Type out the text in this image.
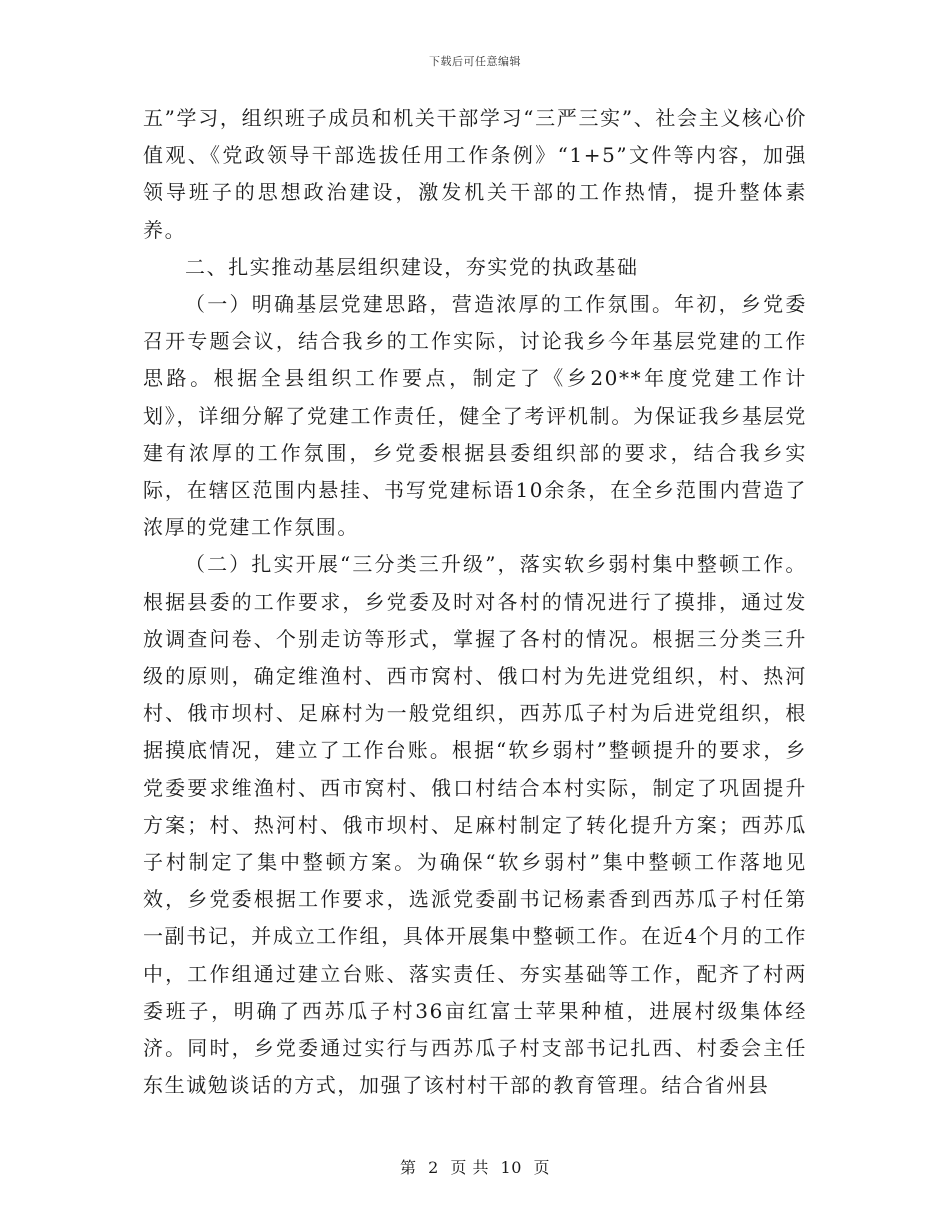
下载后可任意编辑

五”学习，组织班子成员和机关干部学习“三严三实”、社会主义核心价值观、《党政领导干部选拔任用工作条例》“1+5”文件等内容，加强领导班子的思想政治建设，激发机关干部的工作热情，提升整体素养。

二、扎实推动基层组织建设，夯实党的执政基础

（一）明确基层党建思路，营造浓厚的工作氛围。年初，乡党委召开专题会议，结合我乡的工作实际，讨论我乡今年基层党建的工作思路。根据全县组织工作要点，制定了《乡20**年度党建工作计划》，详细分解了党建工作责任，健全了考评机制。为保证我乡基层党建有浓厚的工作氛围，乡党委根据县委组织部的要求，结合我乡实际，在辖区范围内悬挂、书写党建标语10余条，在全乡范围内营造了浓厚的党建工作氛围。

（二）扎实开展“三分类三升级”，落实软乡弱村集中整顿工作。根据县委的工作要求，乡党委及时对各村的情况进行了摸排，通过发放调查问卷、个别走访等形式，掌握了各村的情况。根据三分类三升级的原则，确定维渔村、西市窝村、俄口村为先进党组织，村、热河村、俄市坝村、足麻村为一般党组织，西苏瓜子村为后进党组织，根据摸底情况，建立了工作台账。根据“软乡弱村”整顿提升的要求，乡党委要求维渔村、西市窝村、俄口村结合本村实际，制定了巩固提升方案；村、热河村、俄市坝村、足麻村制定了转化提升方案；西苏瓜子村制定了集中整顿方案。为确保“软乡弱村”集中整顿工作落地见效，乡党委根据工作要求，选派党委副书记杨素香到西苏瓜子村任第一副书记，并成立工作组，具体开展集中整顿工作。在近4个月的工作中，工作组通过建立台账、落实责任、夯实基础等工作，配齐了村两委班子，明确了西苏瓜子村36亩红富士苹果种植，进展村级集体经济。同时，乡党委通过实行与西苏瓜子村支部书记扎西、村委会主任东生诚勉谈话的方式，加强了该村村干部的教育管理。结合省州县

第 2 页 共 10 页
